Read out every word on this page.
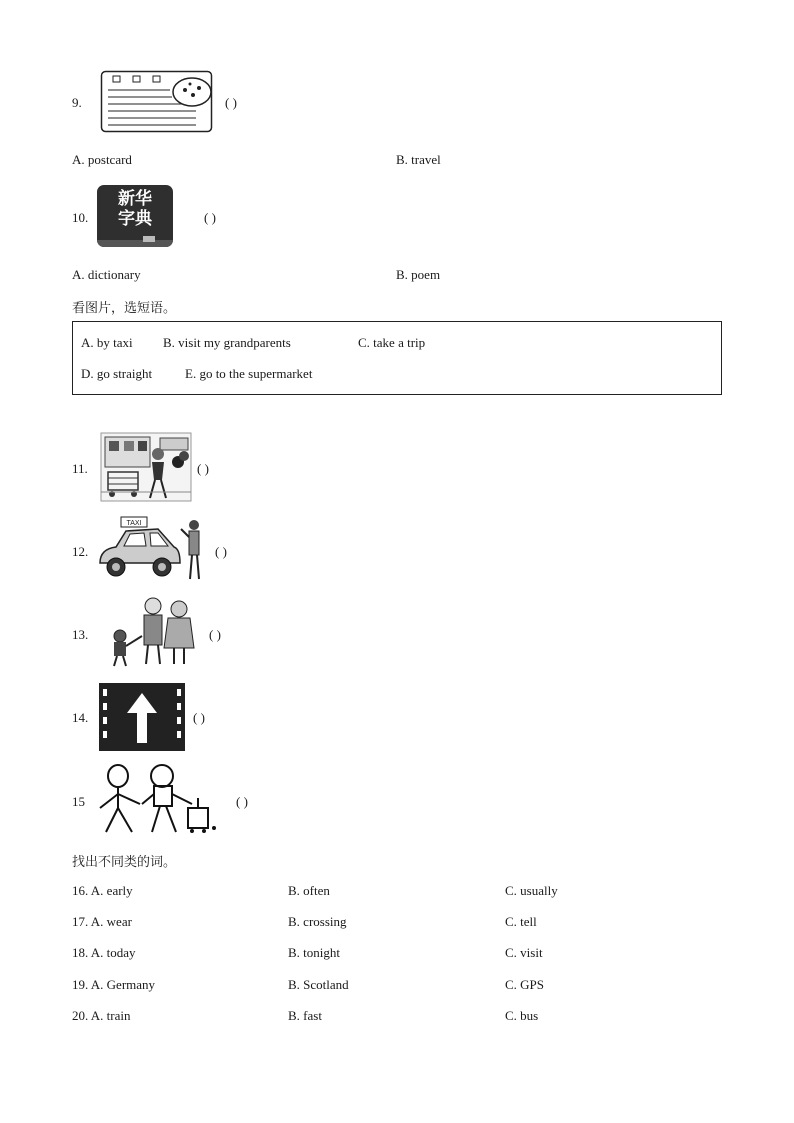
9.	( )
A. postcard	B. travel
10.
新华
字典	( )
A. dictionary	B. poem
看图片，选短语。
A. by taxi B. visit my grandparents	C. take a trip
D. go straight	E. go to the supermarket
11.	( )
12.
TAXI
( )
13.	( )
14.	( )
15	( )
找出不同类的词。
16. A. early	B. often	C. usually
17. A. wear	B. crossing	C. tell
18. A. today	B. tonight	C. visit
19. A. Germany	B. Scotland	C. GPS
20. A. train	B. fast	C. bus
